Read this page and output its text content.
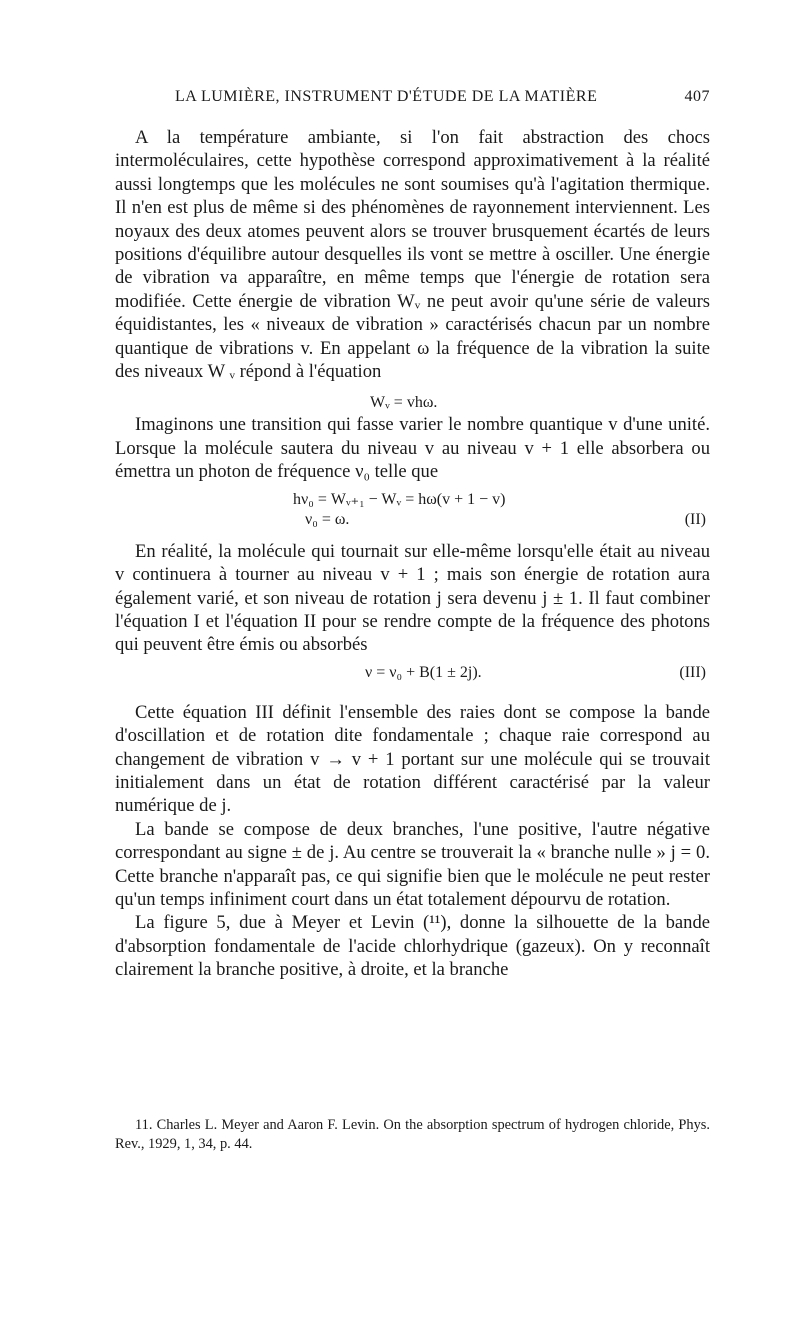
LA LUMIÈRE, INSTRUMENT D'ÉTUDE DE LA MATIÈRE	407

A la température ambiante, si l'on fait abstraction des chocs intermoléculaires, cette hypothèse correspond approximativement à la réalité aussi longtemps que les molécules ne sont soumises qu'à l'agitation thermique. Il n'en est plus de même si des phénomènes de rayonnement interviennent. Les noyaux des deux atomes peuvent alors se trouver brusquement écartés de leurs positions d'équilibre autour desquelles ils vont se mettre à osciller. Une énergie de vibration va apparaître, en même temps que l'énergie de rotation sera modifiée. Cette énergie de vibration Wᵥ ne peut avoir qu'une série de valeurs équidistantes, les « niveaux de vibration » caractérisés chacun par un nombre quantique de vibrations v. En appelant ω la fréquence de la vibration la suite des niveaux W ᵥ répond à l'équation

Wᵥ = vhω.

Imaginons une transition qui fasse varier le nombre quantique v d'une unité. Lorsque la molécule sautera du niveau v au niveau v + 1 elle absorbera ou émettra un photon de fréquence ν₀ telle que

hν₀ = Wᵥ₊₁ − Wᵥ = hω(v + 1 − v)
ν₀ = ω.	(II)

En réalité, la molécule qui tournait sur elle-même lorsqu'elle était au niveau v continuera à tourner au niveau v + 1 ; mais son énergie de rotation aura également varié, et son niveau de rotation j sera devenu j ± 1. Il faut combiner l'équation I et l'équation II pour se rendre compte de la fréquence des photons qui peuvent être émis ou absorbés

ν = ν₀ + B(1 ± 2j).	(III)

Cette équation III définit l'ensemble des raies dont se compose la bande d'oscillation et de rotation dite fondamentale ; chaque raie correspond au changement de vibration v → v + 1 portant sur une molécule qui se trouvait initialement dans un état de rotation différent caractérisé par la valeur numérique de j.

La bande se compose de deux branches, l'une positive, l'autre négative correspondant au signe ± de j. Au centre se trouverait la « branche nulle » j = 0. Cette branche n'apparaît pas, ce qui signifie bien que le molécule ne peut rester qu'un temps infiniment court dans un état totalement dépourvu de rotation.

La figure 5, due à Meyer et Levin (¹¹), donne la silhouette de la bande d'absorption fondamentale de l'acide chlorhydrique (gazeux). On y reconnaît clairement la branche positive, à droite, et la branche

11. Charles L. Meyer and Aaron F. Levin. On the absorption spectrum of hydrogen chloride, Phys. Rev., 1929, 1, 34, p. 44.
